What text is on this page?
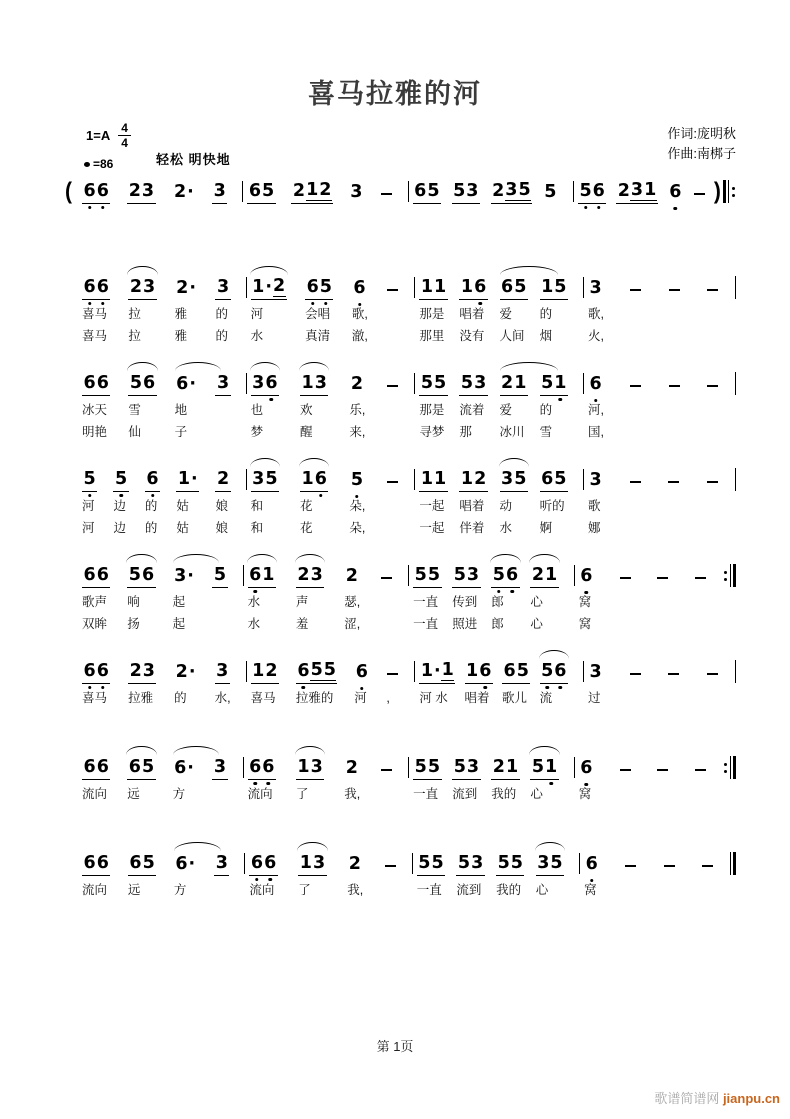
喜马拉雅的河
$1=A \frac{4}{4}$
=86	轻松 明快地
作词:庞明秋
作曲:南梆子
( 6 6 2 3 2 · 3 6 5 2 1 2 3	6 5 5 3 2 3 5 5 5 6 2 3 1 6 )
6 6
喜马
喜马
2 3
拉
拉
2 ·
雅
雅
3
的
的
1 · 2
河
水
6 5
会唱
真清
6
歌,
澈,
1 1
那是
那里
1 6
唱着
没有
6 5
爱
人间
1 5
的
烟
3
歌,
火,
6 6
冰天
明艳
5 6
雪
仙
6 ·
地
子
3 3 6
也
梦
1 3
欢
醒
2
乐,
来,
5 5
那是
寻梦
5 3
流着
那
2 1
爱
冰川
5 1
的
雪
6
河,
国,
5
河
河
5
边
边
6
的
的
1 ·
姑
姑
2
娘
娘
3 5
和
和
1 6
花
花
5
朵,
朵,
1 1
一起
一起
1 2
唱着
伴着
3 5
动
水
6 5
听的
婀
3
歌
娜
6 6
歌声
双眸
5 6
响
扬
3 ·
起
起
5 6 1
水
水
2 3
声
羞
2
瑟,
涩,
5 5
一直
一直
5 3
传到
照进
5 6
郎
郎
2 1
心
心
6
窝
窝
6 6
喜马
2 3
拉雅
2 ·
的
3
水,
1 2
喜马
6 5 5
拉雅的
6
河 ,
1 · 1
河 水
1 6
唱着
6 5
歌儿
5 6
流
3
过
6 6
流向
6 5
远
6 ·
方
3 6 6
流向
1 3
了
2
我,
5 5
一直
5 3
流到
2 1
我的
5 1
心
6
窝
6 6
流向
6 5
远
6 ·
方
3 6 6
流向
1 3
了
2
我,
5 5
一直
5 3
流到
5 5
我的
3 5
心
6
窝
第 1页
歌谱简谱网 jianpu.cn
